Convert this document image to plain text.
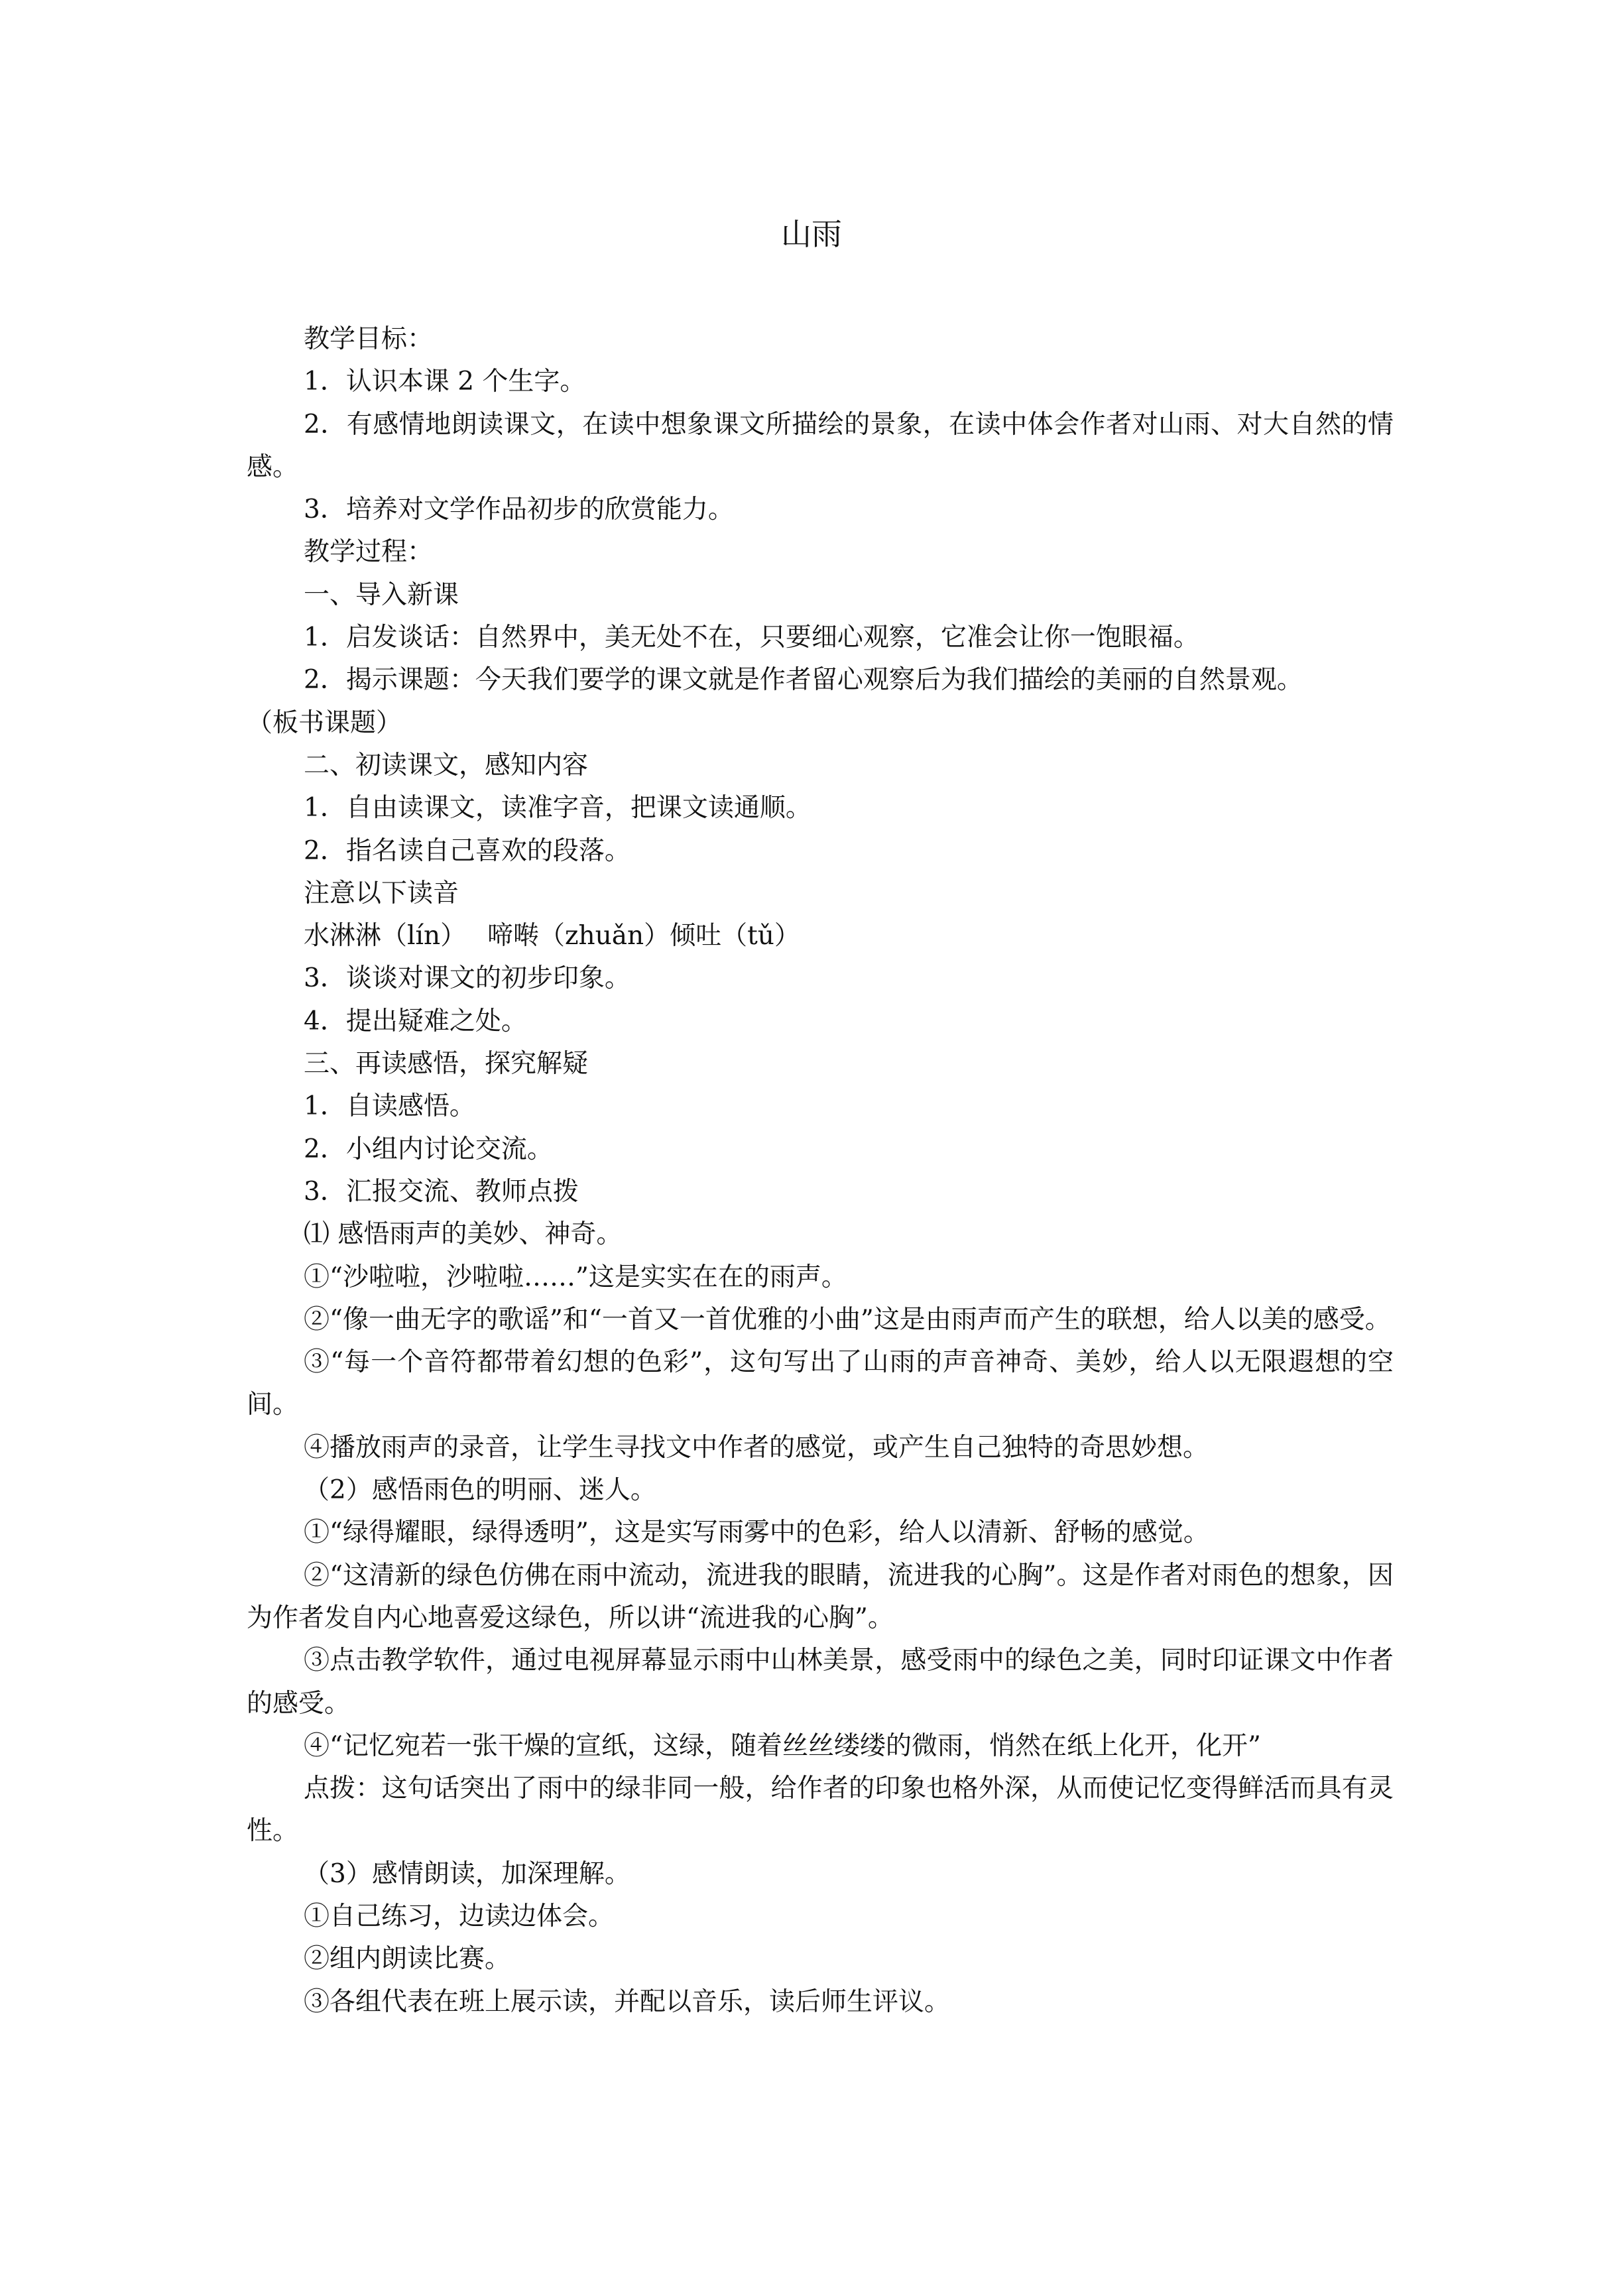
山雨

教学目标：

1．认识本课 2 个生字。

2．有感情地朗读课文，在读中想象课文所描绘的景象，在读中体会作者对山雨、对大自然的情感。

3．培养对文学作品初步的欣赏能力。

教学过程：

一、导入新课

1．启发谈话：自然界中，美无处不在，只要细心观察，它准会让你一饱眼福。

2．揭示课题：今天我们要学的课文就是作者留心观察后为我们描绘的美丽的自然景观。

（板书课题）

二、初读课文，感知内容

1．自由读课文，读准字音，把课文读通顺。

2．指名读自己喜欢的段落。

注意以下读音

水淋淋（lín）　 啼啭（zhuǎn）倾吐（tǔ）

3．谈谈对课文的初步印象。

4．提出疑难之处。

三、再读感悟，探究解疑

1．自读感悟。

2．小组内讨论交流。

3．汇报交流、教师点拨

⑴ 感悟雨声的美妙、神奇。

①“沙啦啦，沙啦啦……”这是实实在在的雨声。

②“像一曲无字的歌谣”和“一首又一首优雅的小曲”这是由雨声而产生的联想，给人以美的感受。

③“每一个音符都带着幻想的色彩”，这句写出了山雨的声音神奇、美妙，给人以无限遐想的空间。

④播放雨声的录音，让学生寻找文中作者的感觉，或产生自己独特的奇思妙想。

（2）感悟雨色的明丽、迷人。

①“绿得耀眼，绿得透明”，这是实写雨雾中的色彩，给人以清新、舒畅的感觉。

②“这清新的绿色仿佛在雨中流动，流进我的眼睛，流进我的心胸”。这是作者对雨色的想象，因为作者发自内心地喜爱这绿色，所以讲“流进我的心胸”。

③点击教学软件，通过电视屏幕显示雨中山林美景，感受雨中的绿色之美，同时印证课文中作者的感受。

④“记忆宛若一张干燥的宣纸，这绿，随着丝丝缕缕的微雨，悄然在纸上化开，化开”

点拨：这句话突出了雨中的绿非同一般，给作者的印象也格外深，从而使记忆变得鲜活而具有灵性。

（3）感情朗读，加深理解。

①自己练习，边读边体会。

②组内朗读比赛。

③各组代表在班上展示读，并配以音乐，读后师生评议。
